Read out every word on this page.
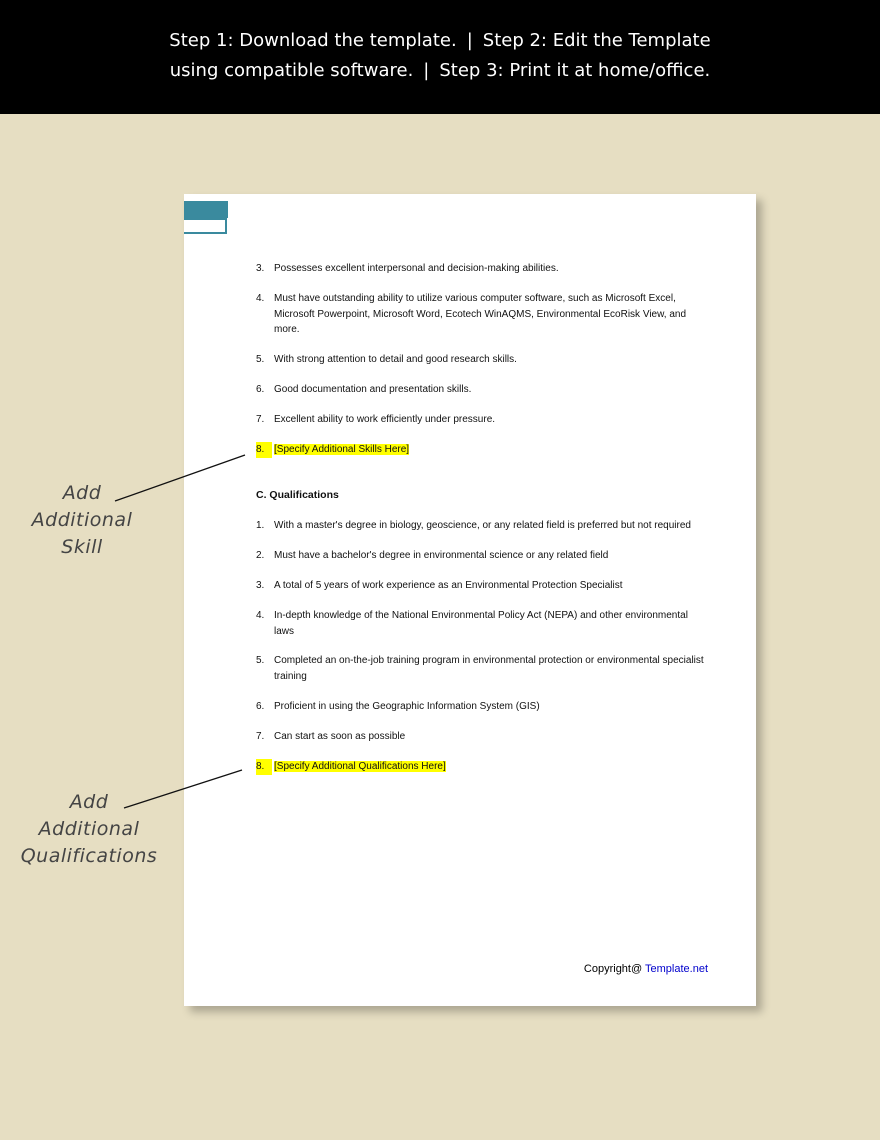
Step 1: Download the template. | Step 2: Edit the Template
using compatible software. | Step 3: Print it at home/office.
3. Possesses excellent interpersonal and decision-making abilities.
4. Must have outstanding ability to utilize various computer software, such as Microsoft Excel, Microsoft Powerpoint, Microsoft Word, Ecotech WinAQMS, Environmental EcoRisk View, and more.
5. With strong attention to detail and good research skills.
6. Good documentation and presentation skills.
7. Excellent ability to work efficiently under pressure.
8. [Specify Additional Skills Here]
C. Qualifications
1. With a master's degree in biology, geoscience, or any related field is preferred but not required
2. Must have a bachelor's degree in environmental science or any related field
3. A total of 5 years of work experience as an Environmental Protection Specialist
4. In-depth knowledge of the National Environmental Policy Act (NEPA) and other environmental laws
5. Completed an on-the-job training program in environmental protection or environmental specialist training
6. Proficient in using the Geographic Information System (GIS)
7. Can start as soon as possible
8. [Specify Additional Qualifications Here]
Copyright@ Template.net
Add
Additional
Skill
Add
Additional
Qualifications
